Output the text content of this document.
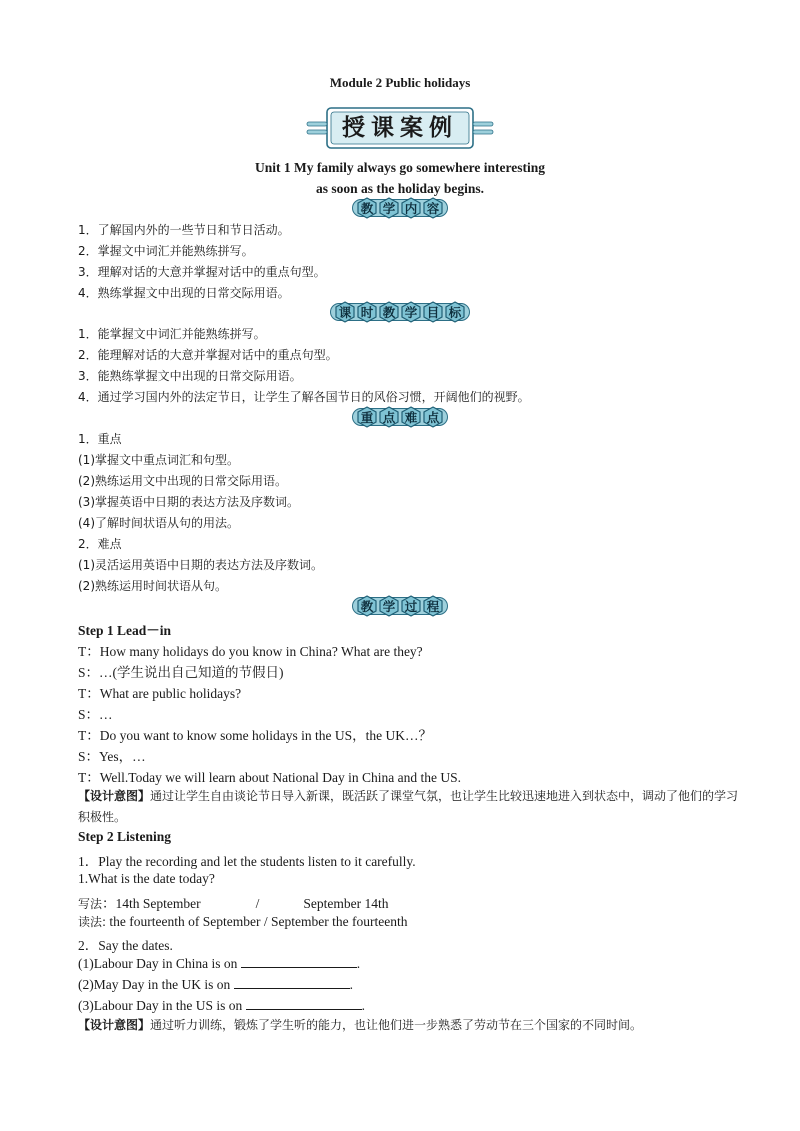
Module 2 Public holidays
授课案例
Unit 1 My family always go somewhere interesting
as soon as the holiday begins.
教 学 内 容
1．了解国内外的一些节日和节日活动。
2．掌握文中词汇并能熟练拼写。
3．理解对话的大意并掌握对话中的重点句型。
4．熟练掌握文中出现的日常交际用语。
课 时 教 学 目 标
1．能掌握文中词汇并能熟练拼写。
2．能理解对话的大意并掌握对话中的重点句型。
3．能熟练掌握文中出现的日常交际用语。
4．通过学习国内外的法定节日，让学生了解各国节日的风俗习惯，开阔他们的视野。
重 点 难 点
1．重点
(1)掌握文中重点词汇和句型。
(2)熟练运用文中出现的日常交际用语。
(3)掌握英语中日期的表达方法及序数词。
(4)了解时间状语从句的用法。
2．难点
(1)灵活运用英语中日期的表达方法及序数词。
(2)熟练运用时间状语从句。
教 学 过 程
Step 1 Lead－in
T：How many holidays do you know in China? What are they?
S：…(学生说出自己知道的节假日)
T：What are public holidays?
S：…
T：Do you want to know some holidays in the US，the UK…？
S：Yes，…
T：Well.Today we will learn about National Day in China and the US.
【设计意图】通过让学生自由谈论节日导入新课，既活跃了课堂气氛，也让学生比较迅速地进入到状态中，调动了他们的学习积极性。
Step 2 Listening
1．Play the recording and let the students listen to it carefully.
1.What is the date today?
写法：14th September	/	September 14th
读法: the fourteenth of September / September the fourteenth
2．Say the dates.
(1)Labour Day in China is on	.
(2)May Day in the UK is on	.
(3)Labour Day in the US is on	.
【设计意图】通过听力训练，锻炼了学生听的能力，也让他们进一步熟悉了劳动节在三个国家的不同时间。
